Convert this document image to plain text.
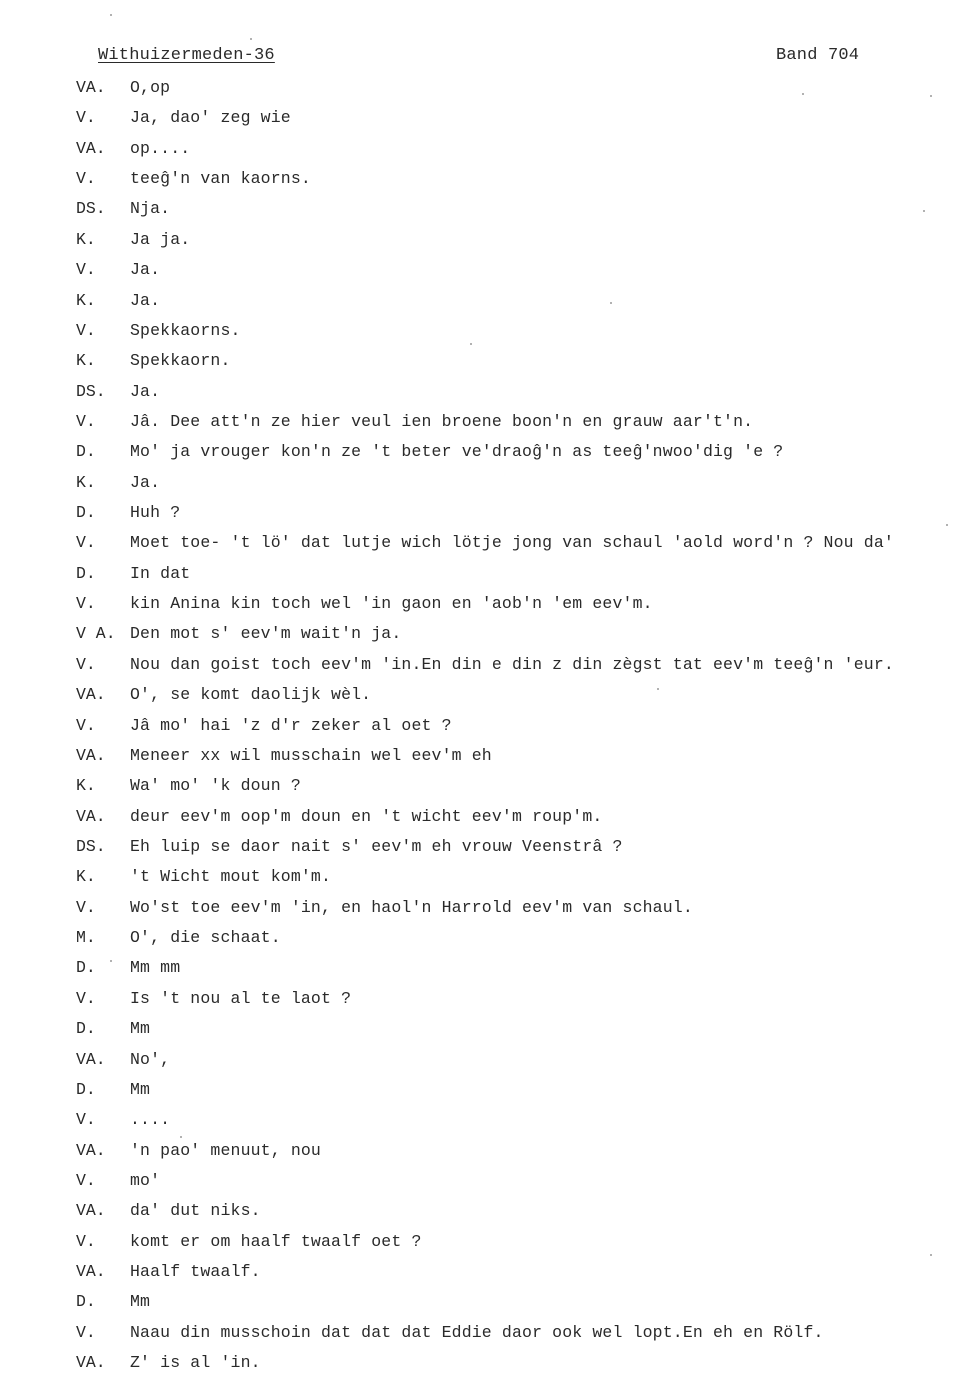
Withuizermeden-36	Band 704
VA. O,op
V. Ja, dao' zeg wie
VA. op....
V. teeĝ'n van kaorns.
DS. Nja.
K. Ja ja.
V. Ja.
K. Ja.
V. Spekkaorns.
K. Spekkaorn.
DS. Ja.
V. Jâ. Dee att'n ze hier veul ien broene boon'n en grauw aar't'n.
D. Mo' ja vrouger kon'n ze 't beter ve'draoĝ'n as teeĝ'nwoo'dig 'e ?
K. Ja.
D. Huh ?
V. Moet toe- 't lö' dat lutje wich lötje jong van schaul 'aold word'n ? Nou da'
D. In dat
V. kin Anina kin toch wel 'in gaon en 'aob'n 'em eev'm.
V A. Den mot s' eev'm wait'n ja.
V. Nou dan goist toch eev'm 'in.En din e din z din zègst tat eev'm teeĝ'n 'eur.
VA. O', se komt daolijk wèl.
V. Jâ mo' hai 'z d'r zeker al oet ?
VA. Meneer xx wil musschain wel eev'm eh
K. Wa' mo' 'k doun ?
VA. deur eev'm oop'm doun en 't wicht eev'm roup'm.
DS. Eh luip se daor nait s' eev'm eh vrouw Veenstrâ ?
K. 't Wicht mout kom'm.
V. Wo'st toe eev'm 'in, en haol'n Harrold eev'm van schaul.
M. O', die schaat.
D. Mm mm
V. Is 't nou al te laot ?
D. Mm
VA. No',
D. Mm
V. ....
VA. 'n pao' menuut, nou
V. mo'
VA. da' dut niks.
V. komt er om haalf twaalf oet ?
VA. Haalf twaalf.
D. Mm
V. Naau din musschoin dat dat dat Eddie daor ook wel lopt.En eh en Rölf.
VA. Z' is al 'in.
